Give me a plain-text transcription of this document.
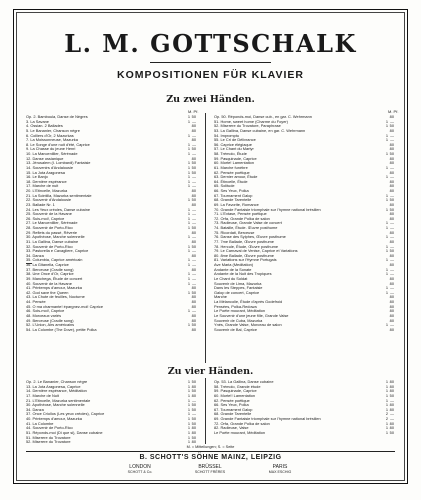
L. M. GOTTSCHALK
KOMPOSITIONEN FÜR KLAVIER
Zu zwei Händen.
M. Pf.	M. Pf.
Op. 2. Bamboula, Danse de Nègres	1 50
3. La Savane	1 —
4. Ossian. 2 Ballades	80
5. Le Bananier, Chanson nègre	80
6. Colliers d'Or, 2 Mazurkas	1 —
7. La Moissonneuse, Mazurka	80
8. Le Songe d'une nuit d'été, Caprice	1 —
9. La Chasse du jeune Henri	1 50
10. La Mancenillier, Sérénade	1 —
12. Danse ossianique	80
13. Jérusalem (I. Lombardi) Fantaisie	1 50
14. Souvenirs d'Andalousie	1 50
15. La Jota Aragonesa	1 50
16. Le Banjo	1 —
18. Dernière espérance	1 —
17. Marche de nuit	1 —
20. L'Etincelle, Mazurka	80
21. La Scintilla, Mazurka sentimentale	80
22. Souvenir d'Andalousie	1 50
23. Ballade Nr. 1	80
24. Les Yeux créoles, Danse cubaine	1 —
25. Souvenir de la Havane	1 —
26. Suis-moi!, Caprice	1 —
27. Le Mancenillier, Sérénade	1 —
28. Souvenir de Porto-Rico	1 50
29. Reflets du passé, Rêverie	80
30. Apothéose, Marche solennelle	1 —
31. La Gallina, Danse cubaine	80
32. Souvenir de Porto-Rico	1 50
33. Pastorella e Cavagliere, Caprice	1 —
34. Danza	80
35. Columbia, Caprice américain	1 —
36. La Gitanella, Caprice	1 —
37. Berceuse (Cradle song)	80
38. Une Once d'Or, Caprice	1 —
39. Manchega, Étude de concert	1 —
40. Souvenir de la Havane	1 —
41. Printemps d'amour, Mazurka	80
42. God save the Queen	1 50
43. La Chute de feuilles, Nocturne	80
44. Pensée	80
45. O ma charmante! épargnez-moi! Caprice	80
46. Sois-moi!, Caprice	1 —
48. Morceaux variés	80
49. Berceuse (Cradle song)	80
52. L'Union, Airs américains	1 50
54. La Colombe (The Dove), petite Polka	80
Op. 50. Réponds-moi, Danse cub., en gar. C. Wehrmann	80
51. Home, sweet home (Charme du Foyer)	1 —
52. Miserere du Trovatore, Paraphrase	1 50
53. La Gallina, Danse cubaine, en gar. C. Wehrmann	80
54. Impromptu	1 —
55. Le Cri de Délivrance	1 —
56. Caprice élégiaque	80
57. Le Chant du Martyr	80
58. Trémolo, Étude	1 50
59. Pasquinade, Caprice	80
60. Morte! Lamentation	80
61. Marche funèbre	1 —
62. Pensée poétique	80
63. Dernier amour, Étude	1 —
64. Étincelle, Étude	80
65. Solitude	80
66. Ses Yeux, Polka	80
67. Tournament Galop	1 —
68. Grande Tarentelle	1 50
69. La Favorite, Romance	80
70. Grande Fantaisie triomphale sur l'hymne national brésilien	1 50
71. L'Extase, Pensée poétique	80
72. Orfa, Grande Polka de salon	80
73. Radieuse, Grande Valse de concert	1 —
74. Bataille, Étude. Œuvre posthume	1 —
75. Ricordati, Berceuse	80
76. Danse des Sylphes, Œuvre posthume	1 —
77. 7me Ballade, Œuvre posthume	80
78. Hercule, Étude, Œuvre posthume	1 —
79. Le Carnaval de Venise, Caprice et Variations	1 50
80. 8me Ballade, Œuvre posthume	80
81. Variations sur l'Hymne Portugais	1 —
Ave Maria (Meditation)	80
Andante de la Sonate	1 —
Andante de la Nuit des Tropiques	1 —
Le Chant du Soldat	80
Souvenir de Lima, Mazurka	80
Dans les Steppes, Fantaisie	1 —
Galop de concert, Caprice	1 —
Marche	80
La Mélancolie, Étude d'après Godefroid	80
Pensées, Polka-Redowa	80
Le Poète mourant, Méditation	80
Le Souvenir d'une jeune fille, Grande Valse	80
Souvenir de Cuba, Mazurka	80
Ynés, Grande Valse, Morceau de salon	1 —
Souvenir de Bal, Caprice	80
Zu vier Händen.
Op. 2. Le Bananier, Chanson nègre	1 50
13. La Jota Aragonesa, Caprice	1 80
14. Dernière espérance, Méditation	1 50
17. Marche de Nuit	1 80
21. L'Etincelle, Mazurka sentimentale	1 —
30. Apothéose, Marche solennelle	1 50
34. Danza	1 50
37. Once Criollos (Les yeux créoles), Caprice	1 —
40. Printemps d'amour, Mazurka	1 50
41. La Colombe	1 50
44. Souvenir de Porto-Rico	1 80
51. Réponds-moi (Di que si), Danse cubaine	1 80
51. Miserere du Trovatore	1 50
52. Miserere du Trovatore	1 80
Op. 53. La Gallina, Danse cubaine	1 80
58. Trémolo, Grande étude	1 80
59. Pasquinade, Caprice	1 80
60. Morte!! Lamentation	1 50
62. Pensée poétique	1 —
66. Ses Yeux, Polka	1 80
67. Tournament Galop	1 80
68. Grande Tarentelle	2 —
69. Grande Fantaisie triomphale sur l'hymne national brésilien	2 —
72. Orfa, Grande Polka de salon	1 80
82. Radieuse, Valse	1 80
Le Poète mourant, Méditation	1 50
M. = Mitteilungen; S. = Seite
B. SCHOTT'S SÖHNE MAINZ, LEIPZIG
LONDON	BRÜSSEL	PARIS
SCHOTT & Co.	SCHOTT FRÈRES	MAX ESCHIG
